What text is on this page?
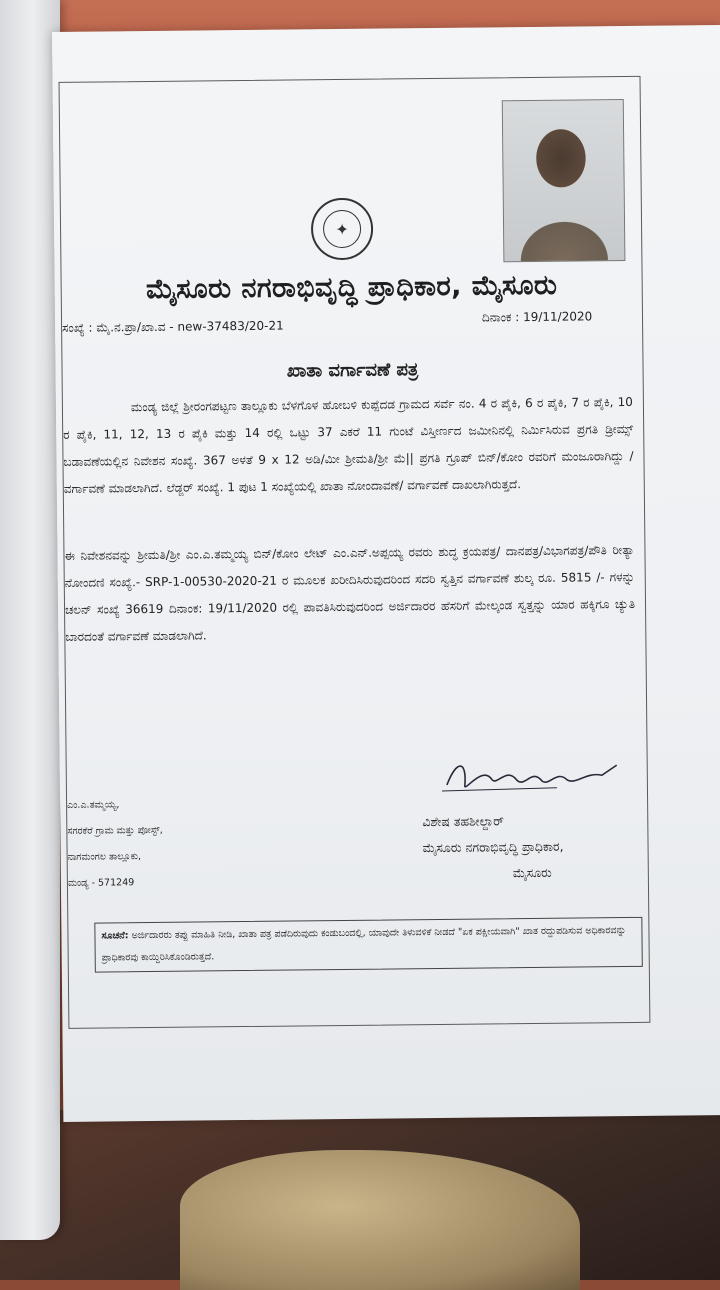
✦
ಮೈಸೂರು ನಗರಾಭಿವೃದ್ಧಿ ಪ್ರಾಧಿಕಾರ, ಮೈಸೂರು
ಸಂಖ್ಯೆ : ಮೈ.ನ.ಪ್ರಾ/ಖಾ.ವ - new-37483/20-21
ದಿನಾಂಕ : 19/11/2020
ಖಾತಾ ವರ್ಗಾವಣೆ ಪತ್ರ
ಮಂಡ್ಯ ಜಿಲ್ಲೆ ಶ್ರೀರಂಗಪಟ್ಟಣ ತಾಲ್ಲೂಕು ಬೆಳಗೊಳ ಹೋಬಳಿ ಕುಪ್ಪೆದಡ ಗ್ರಾಮದ ಸರ್ವೆ ನಂ. 4 ರ ಪೈಕಿ, 6 ರ ಪೈಕಿ, 7 ರ ಪೈಕಿ, 10 ರ ಪೈಕಿ, 11, 12, 13 ರ ಪೈಕಿ ಮತ್ತು 14 ರಲ್ಲಿ ಒಟ್ಟು 37 ಎಕರೆ 11 ಗುಂಟೆ ವಿಸ್ತೀರ್ಣದ ಜಮೀನಿನಲ್ಲಿ ನಿರ್ಮಿಸಿರುವ ಪ್ರಗತಿ ಡ್ರೀಮ್ಸ್ ಬಡಾವಣೆಯಲ್ಲಿನ ನಿವೇಶನ ಸಂಖ್ಯೆ. 367 ಅಳತೆ 9 x 12 ಅಡಿ/ಮೀ ಶ್ರೀಮತಿ/ಶ್ರೀ ಮೆ|| ಪ್ರಗತಿ ಗ್ರೂಪ್ ಬಿನ್/ಕೋಂ ರವರಿಗೆ ಮಂಜೂರಾಗಿದ್ದು / ವರ್ಗಾವಣೆ ಮಾಡಲಾಗಿದೆ. ಲೆಡ್ಜರ್ ಸಂಖ್ಯೆ. 1 ಪುಟ 1 ಸಂಖ್ಯೆಯಲ್ಲಿ ಖಾತಾ ನೋಂದಾವಣೆ/ ವರ್ಗಾವಣೆ ದಾಖಲಾಗಿರುತ್ತದೆ.
ಈ ನಿವೇಶನವನ್ನು ಶ್ರೀಮತಿ/ಶ್ರೀ ಎಂ.ಎ.ತಮ್ಮಯ್ಯ ಬಿನ್/ಕೋಂ ಲೇಟ್ ಎಂ.ಎನ್.ಅಪ್ಪಯ್ಯ ರವರು ಶುದ್ಧ ಕ್ರಯಪತ್ರ/ ದಾನಪತ್ರ/ವಿಭಾಗಪತ್ರ/ಪೌತಿ ರೀತ್ಯಾ ನೋಂದಣಿ ಸಂಖ್ಯೆ.- SRP-1-00530-2020-21 ರ ಮೂಲಕ ಖರೀದಿಸಿರುವುದರಿಂದ ಸದರಿ ಸ್ವತ್ತಿನ ವರ್ಗಾವಣೆ ಶುಲ್ಕ ರೂ. 5815 /- ಗಳನ್ನು ಚಲನ್ ಸಂಖ್ಯೆ 36619 ದಿನಾಂಕ: 19/11/2020 ರಲ್ಲಿ ಪಾವತಿಸಿರುವುದರಿಂದ ಅರ್ಜಿದಾರರ ಹೆಸರಿಗೆ ಮೇಲ್ಕಂಡ ಸ್ವತ್ತನ್ನು ಯಾರ ಹಕ್ಕಿಗೂ ಚ್ಯುತಿ ಬಾರದಂತೆ ವರ್ಗಾವಣೆ ಮಾಡಲಾಗಿದೆ.
ಎಂ.ಎ.ತಮ್ಮಯ್ಯ,
ಸಗರಕೆರೆ ಗ್ರಾಮ ಮತ್ತು ಪೋಸ್ಟ್,
ನಾಗಮಂಗಲ ತಾಲ್ಲೂಕು,
ಮಂಡ್ಯ - 571249
ವಿಶೇಷ ತಹಶೀಲ್ದಾರ್
ಮೈಸೂರು ನಗರಾಭಿವೃದ್ಧಿ ಪ್ರಾಧಿಕಾರ,
ಮೈಸೂರು
ಸೂಚನೆ: ಅರ್ಜಿದಾರರು ತಪ್ಪು ಮಾಹಿತಿ ನೀಡಿ, ಖಾತಾ ಪತ್ರ ಪಡೆದಿರುವುದು ಕಂಡುಬಂದಲ್ಲಿ, ಯಾವುದೇ ತಿಳುವಳಿಕೆ ನೀಡದೆ "ಏಕ ಪಕ್ಷೀಯವಾಗಿ" ಖಾತ ರದ್ದುಪಡಿಸುವ ಅಧಿಕಾರವನ್ನು ಪ್ರಾಧಿಕಾರವು ಕಾಯ್ದಿರಿಸಿಕೊಂಡಿರುತ್ತದೆ.
